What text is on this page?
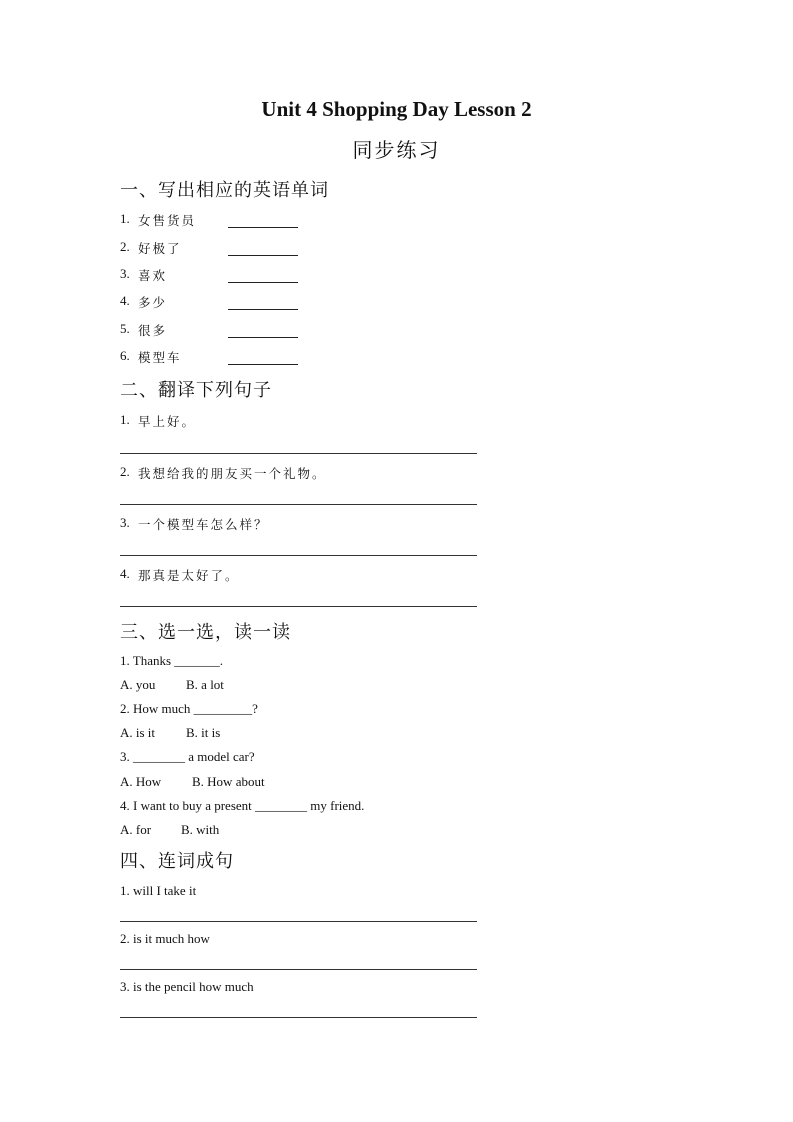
Unit 4 Shopping Day Lesson 2
同步练习
一、写出相应的英语单词
1. 女售货员
2. 好极了
3. 喜欢
4. 多少
5. 很多
6. 模型车
二、翻译下列句子
1. 早上好。
2. 我想给我的朋友买一个礼物。
3. 一个模型车怎么样？
4. 那真是太好了。
三、选一选，读一读
1. Thanks _______.
A. you B. a lot
2. How much _________?
A. is it B. it is
3. ________ a model car?
A. How B. How about
4. I want to buy a present ________ my friend.
A. for B. with
四、连词成句
1. will I take it
2. is it much how
3. is the pencil how much
